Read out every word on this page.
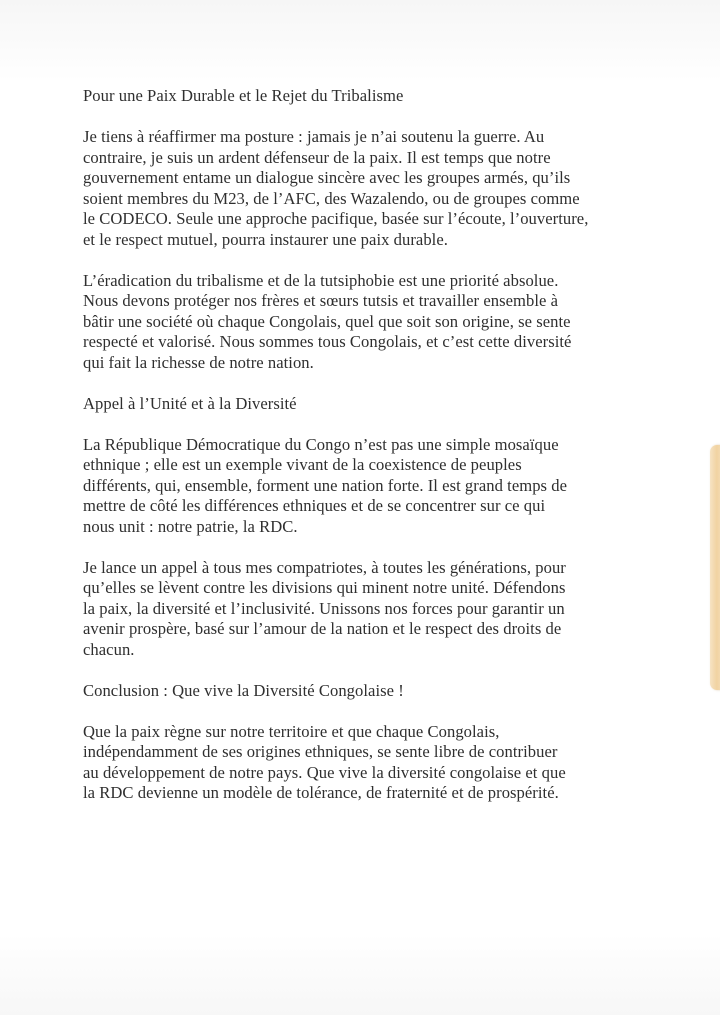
Pour une Paix Durable et le Rejet du Tribalisme

Je tiens à réaffirmer ma posture : jamais je n’ai soutenu la guerre. Au
contraire, je suis un ardent défenseur de la paix. Il est temps que notre
gouvernement entame un dialogue sincère avec les groupes armés, qu’ils
soient membres du M23, de l’AFC, des Wazalendo, ou de groupes comme
le CODECO. Seule une approche pacifique, basée sur l’écoute, l’ouverture,
et le respect mutuel, pourra instaurer une paix durable.

L’éradication du tribalisme et de la tutsiphobie est une priorité absolue.
Nous devons protéger nos frères et sœurs tutsis et travailler ensemble à
bâtir une société où chaque Congolais, quel que soit son origine, se sente
respecté et valorisé. Nous sommes tous Congolais, et c’est cette diversité
qui fait la richesse de notre nation.

Appel à l’Unité et à la Diversité

La République Démocratique du Congo n’est pas une simple mosaïque
ethnique ; elle est un exemple vivant de la coexistence de peuples
différents, qui, ensemble, forment une nation forte. Il est grand temps de
mettre de côté les différences ethniques et de se concentrer sur ce qui
nous unit : notre patrie, la RDC.

Je lance un appel à tous mes compatriotes, à toutes les générations, pour
qu’elles se lèvent contre les divisions qui minent notre unité. Défendons
la paix, la diversité et l’inclusivité. Unissons nos forces pour garantir un
avenir prospère, basé sur l’amour de la nation et le respect des droits de
chacun.

Conclusion : Que vive la Diversité Congolaise !

Que la paix règne sur notre territoire et que chaque Congolais,
indépendamment de ses origines ethniques, se sente libre de contribuer
au développement de notre pays. Que vive la diversité congolaise et que
la RDC devienne un modèle de tolérance, de fraternité et de prospérité.
